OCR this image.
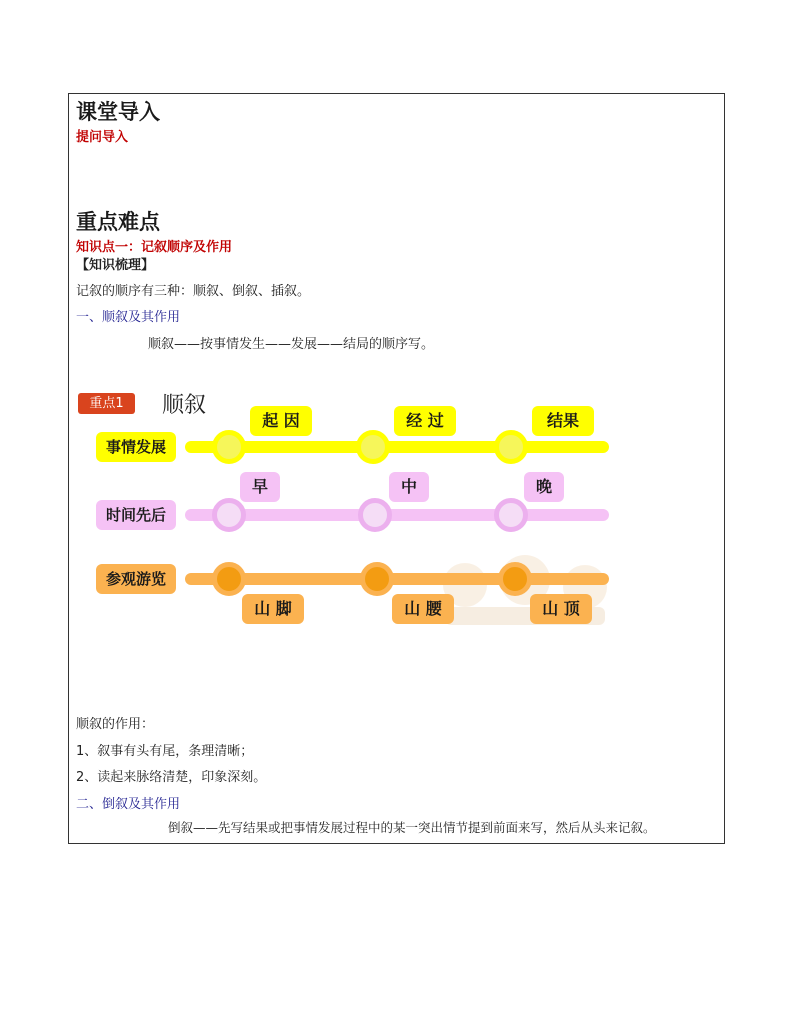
课堂导入
提问导入
重点难点
知识点一：记叙顺序及作用
【知识梳理】
记叙的顺序有三种：顺叙、倒叙、插叙。
一、顺叙及其作用
顺叙——按事情发生——发展——结局的顺序写。
重点1	顺叙
事情发展
起 因	经 过	结果
时间先后
早	中	晚
参观游览
山 脚	山 腰	山 顶
顺叙的作用：
1、叙事有头有尾，条理清晰；
2、读起来脉络清楚，印象深刻。
二、倒叙及其作用
倒叙——先写结果或把事情发展过程中的某一突出情节提到前面来写，然后从头来记叙。
